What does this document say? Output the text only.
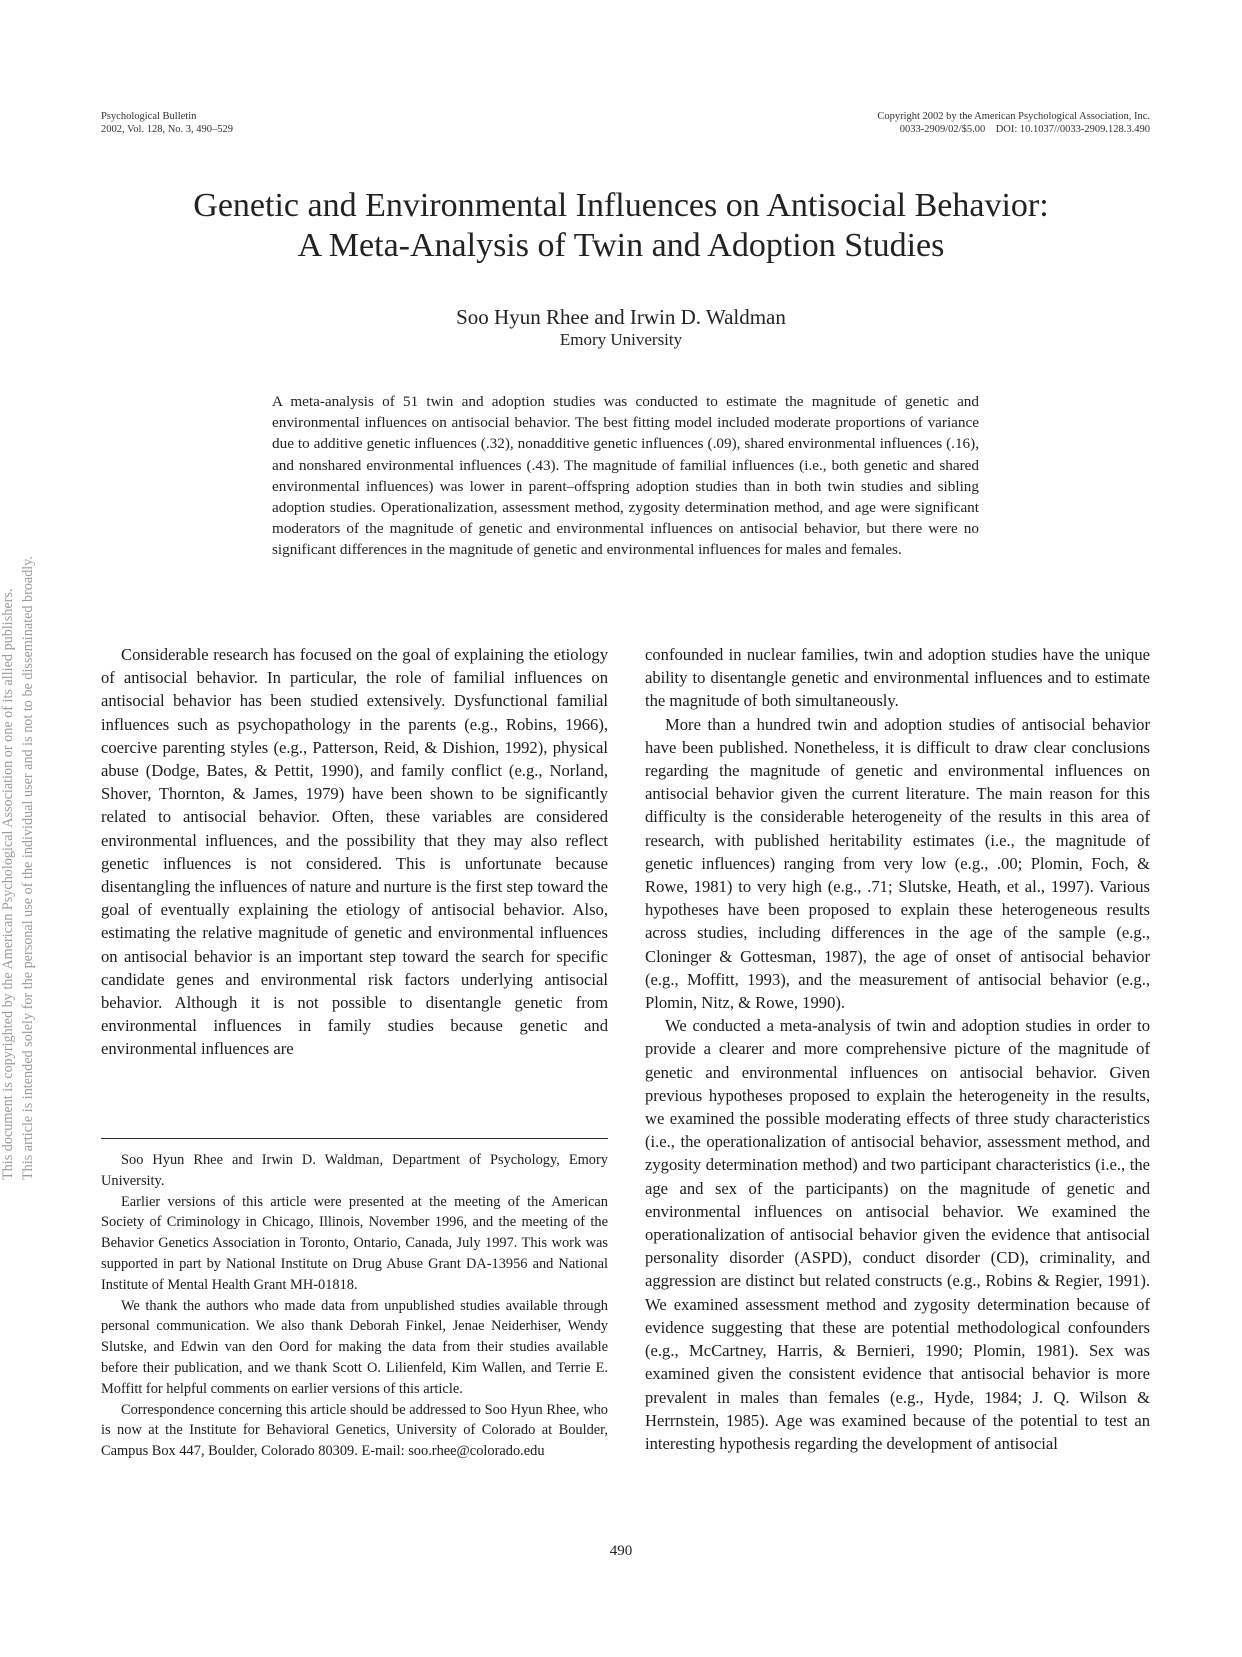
Psychological Bulletin
2002, Vol. 128, No. 3, 490–529
Copyright 2002 by the American Psychological Association, Inc.
0033-2909/02/$5.00    DOI: 10.1037//0033-2909.128.3.490
Genetic and Environmental Influences on Antisocial Behavior:
A Meta-Analysis of Twin and Adoption Studies
Soo Hyun Rhee and Irwin D. Waldman
Emory University
A meta-analysis of 51 twin and adoption studies was conducted to estimate the magnitude of genetic and environmental influences on antisocial behavior. The best fitting model included moderate proportions of variance due to additive genetic influences (.32), nonadditive genetic influences (.09), shared environmental influences (.16), and nonshared environmental influences (.43). The magnitude of familial influences (i.e., both genetic and shared environmental influences) was lower in parent–offspring adoption studies than in both twin studies and sibling adoption studies. Operationalization, assessment method, zygosity determination method, and age were significant moderators of the magnitude of genetic and environmental influences on antisocial behavior, but there were no significant differences in the magnitude of genetic and environmental influences for males and females.
This document is copyrighted by the American Psychological Association or one of its allied publishers. This article is intended solely for the personal use of the individual user and is not to be disseminated broadly.	Considerable research has focused on the goal of explaining the etiology of antisocial behavior. In particular, the role of familial influences on antisocial behavior has been studied extensively. Dysfunctional familial influences such as psychopathology in the parents (e.g., Robins, 1966), coercive parenting styles (e.g., Patterson, Reid, & Dishion, 1992), physical abuse (Dodge, Bates, & Pettit, 1990), and family conflict (e.g., Norland, Shover, Thornton, & James, 1979) have been shown to be significantly related to antisocial behavior. Often, these variables are considered environmental influences, and the possibility that they may also reflect genetic influences is not considered. This is unfortunate because disentangling the influences of nature and nurture is the first step toward the goal of eventually explaining the etiology of antisocial behavior. Also, estimating the relative magnitude of genetic and environmental influences on antisocial behavior is an important step toward the search for specific candidate genes and environmental risk factors underlying antisocial behavior. Although it is not possible to disentangle genetic from environmental influences in family studies because genetic and environmental influences are

confounded in nuclear families, twin and adoption studies have the unique ability to disentangle genetic and environmental influences and to estimate the magnitude of both simultaneously.

More than a hundred twin and adoption studies of antisocial behavior have been published. Nonetheless, it is difficult to draw clear conclusions regarding the magnitude of genetic and environmental influences on antisocial behavior given the current literature. The main reason for this difficulty is the considerable heterogeneity of the results in this area of research, with published heritability estimates (i.e., the magnitude of genetic influences) ranging from very low (e.g., .00; Plomin, Foch, & Rowe, 1981) to very high (e.g., .71; Slutske, Heath, et al., 1997). Various hypotheses have been proposed to explain these heterogeneous results across studies, including differences in the age of the sample (e.g., Cloninger & Gottesman, 1987), the age of onset of antisocial behavior (e.g., Moffitt, 1993), and the measurement of antisocial behavior (e.g., Plomin, Nitz, & Rowe, 1990).

We conducted a meta-analysis of twin and adoption studies in order to provide a clearer and more comprehensive picture of the magnitude of genetic and environmental influences on antisocial behavior. Given previous hypotheses proposed to explain the heterogeneity in the results, we examined the possible moderating effects of three study characteristics (i.e., the operationalization of antisocial behavior, assessment method, and zygosity determination method) and two participant characteristics (i.e., the age and sex of the participants) on the magnitude of genetic and environmental influences on antisocial behavior. We examined the operationalization of antisocial behavior given the evidence that antisocial personality disorder (ASPD), conduct disorder (CD), criminality, and aggression are distinct but related constructs (e.g., Robins & Regier, 1991). We examined assessment method and zygosity determination because of evidence suggesting that these are potential methodological confounders (e.g., McCartney, Harris, & Bernieri, 1990; Plomin, 1981). Sex was examined given the consistent evidence that antisocial behavior is more prevalent in males than females (e.g., Hyde, 1984; J. Q. Wilson & Herrnstein, 1985). Age was examined because of the potential to test an interesting hypothesis regarding the development of antisocial

Soo Hyun Rhee and Irwin D. Waldman, Department of Psychology, Emory University.

Earlier versions of this article were presented at the meeting of the American Society of Criminology in Chicago, Illinois, November 1996, and the meeting of the Behavior Genetics Association in Toronto, Ontario, Canada, July 1997. This work was supported in part by National Institute on Drug Abuse Grant DA-13956 and National Institute of Mental Health Grant MH-01818.

We thank the authors who made data from unpublished studies available through personal communication. We also thank Deborah Finkel, Jenae Neiderhiser, Wendy Slutske, and Edwin van den Oord for making the data from their studies available before their publication, and we thank Scott O. Lilienfeld, Kim Wallen, and Terrie E. Moffitt for helpful comments on earlier versions of this article.

Correspondence concerning this article should be addressed to Soo Hyun Rhee, who is now at the Institute for Behavioral Genetics, University of Colorado at Boulder, Campus Box 447, Boulder, Colorado 80309. E-mail: soo.rhee@colorado.edu

490
